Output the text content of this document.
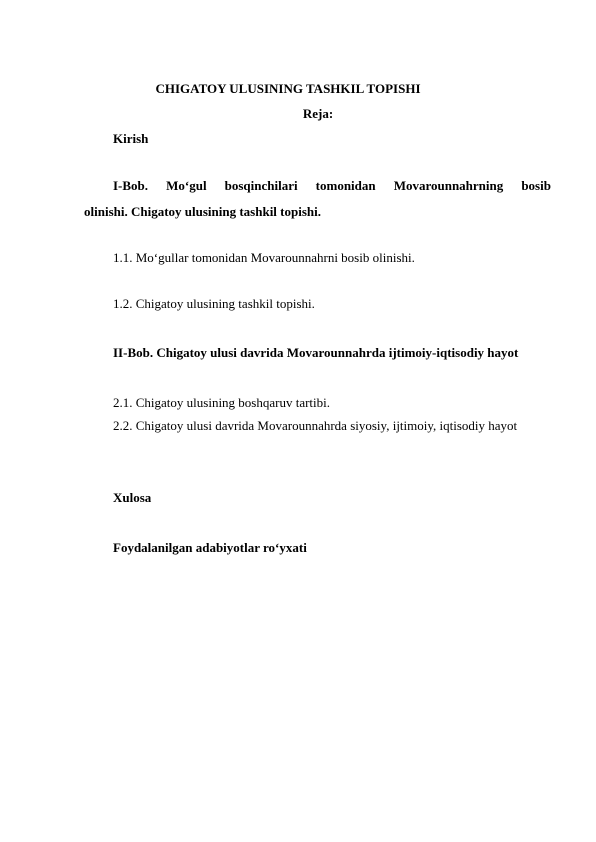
CHIGATOY ULUSINING TASHKIL TOPISHI
Reja:
Kirish
I-Bob. Mo‘gul bosqinchilari tomonidan Movarounnahrning bosib
olinishi. Chigatoy ulusining tashkil topishi.
1.1. Mo‘gullar tomonidan Movarounnahrni bosib olinishi.
1.2. Chigatoy ulusining tashkil topishi.
II-Bob. Chigatoy ulusi davrida Movarounnahrda ijtimoiy-iqtisodiy hayot
2.1. Chigatoy ulusining boshqaruv tartibi.
2.2. Chigatoy ulusi davrida Movarounnahrda siyosiy, ijtimoiy, iqtisodiy hayot
Xulosa
Foydalanilgan adabiyotlar ro‘yxati
